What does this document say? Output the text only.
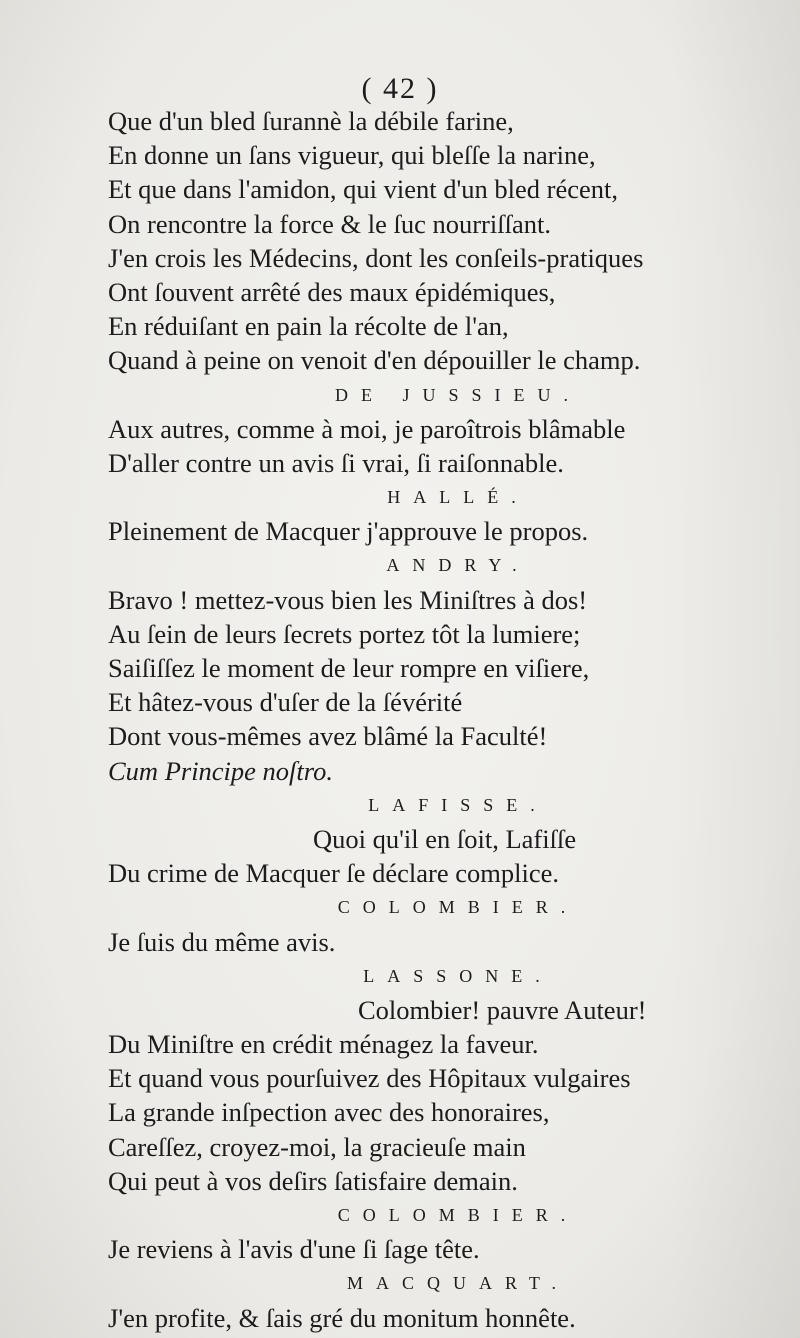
( 42 )
Que d'un bled ſurannè la débile farine,
En donne un ſans vigueur, qui bleſſe la narine,
Et que dans l'amidon, qui vient d'un bled récent,
On rencontre la force & le ſuc nourriſſant.
J'en crois les Médecins, dont les conſeils-pratiques
Ont ſouvent arrêté des maux épidémiques,
En réduiſant en pain la récolte de l'an,
Quand à peine on venoit d'en dépouiller le champ.
DE JUSSIEU.
Aux autres, comme à moi, je paroîtrois blâmable
D'aller contre un avis ſi vrai, ſi raiſonnable.
HALLÉ.
Pleinement de Macquer j'approuve le propos.
ANDRY.
Bravo ! mettez-vous bien les Miniſtres à dos!
Au ſein de leurs ſecrets portez tôt la lumiere;
Saiſiſſez le moment de leur rompre en viſiere,
Et hâtez-vous d'uſer de la ſévérité
Dont vous-mêmes avez blâmé la Faculté!
Cum Principe noſtro.
LAFISSE.
Quoi qu'il en ſoit, Lafiſſe
Du crime de Macquer ſe déclare complice.
COLOMBIER.
Je ſuis du même avis.
LASSONE.
Colombier! pauvre Auteur!
Du Miniſtre en crédit ménagez la faveur.
Et quand vous pourſuivez des Hôpitaux vulgaires
La grande inſpection avec des honoraires,
Careſſez, croyez-moi, la gracieuſe main
Qui peut à vos deſirs ſatisfaire demain.
COLOMBIER.
Je reviens à l'avis d'une ſi ſage tête.
MACQUART.
J'en profite, & ſais gré du monitum honnête.
